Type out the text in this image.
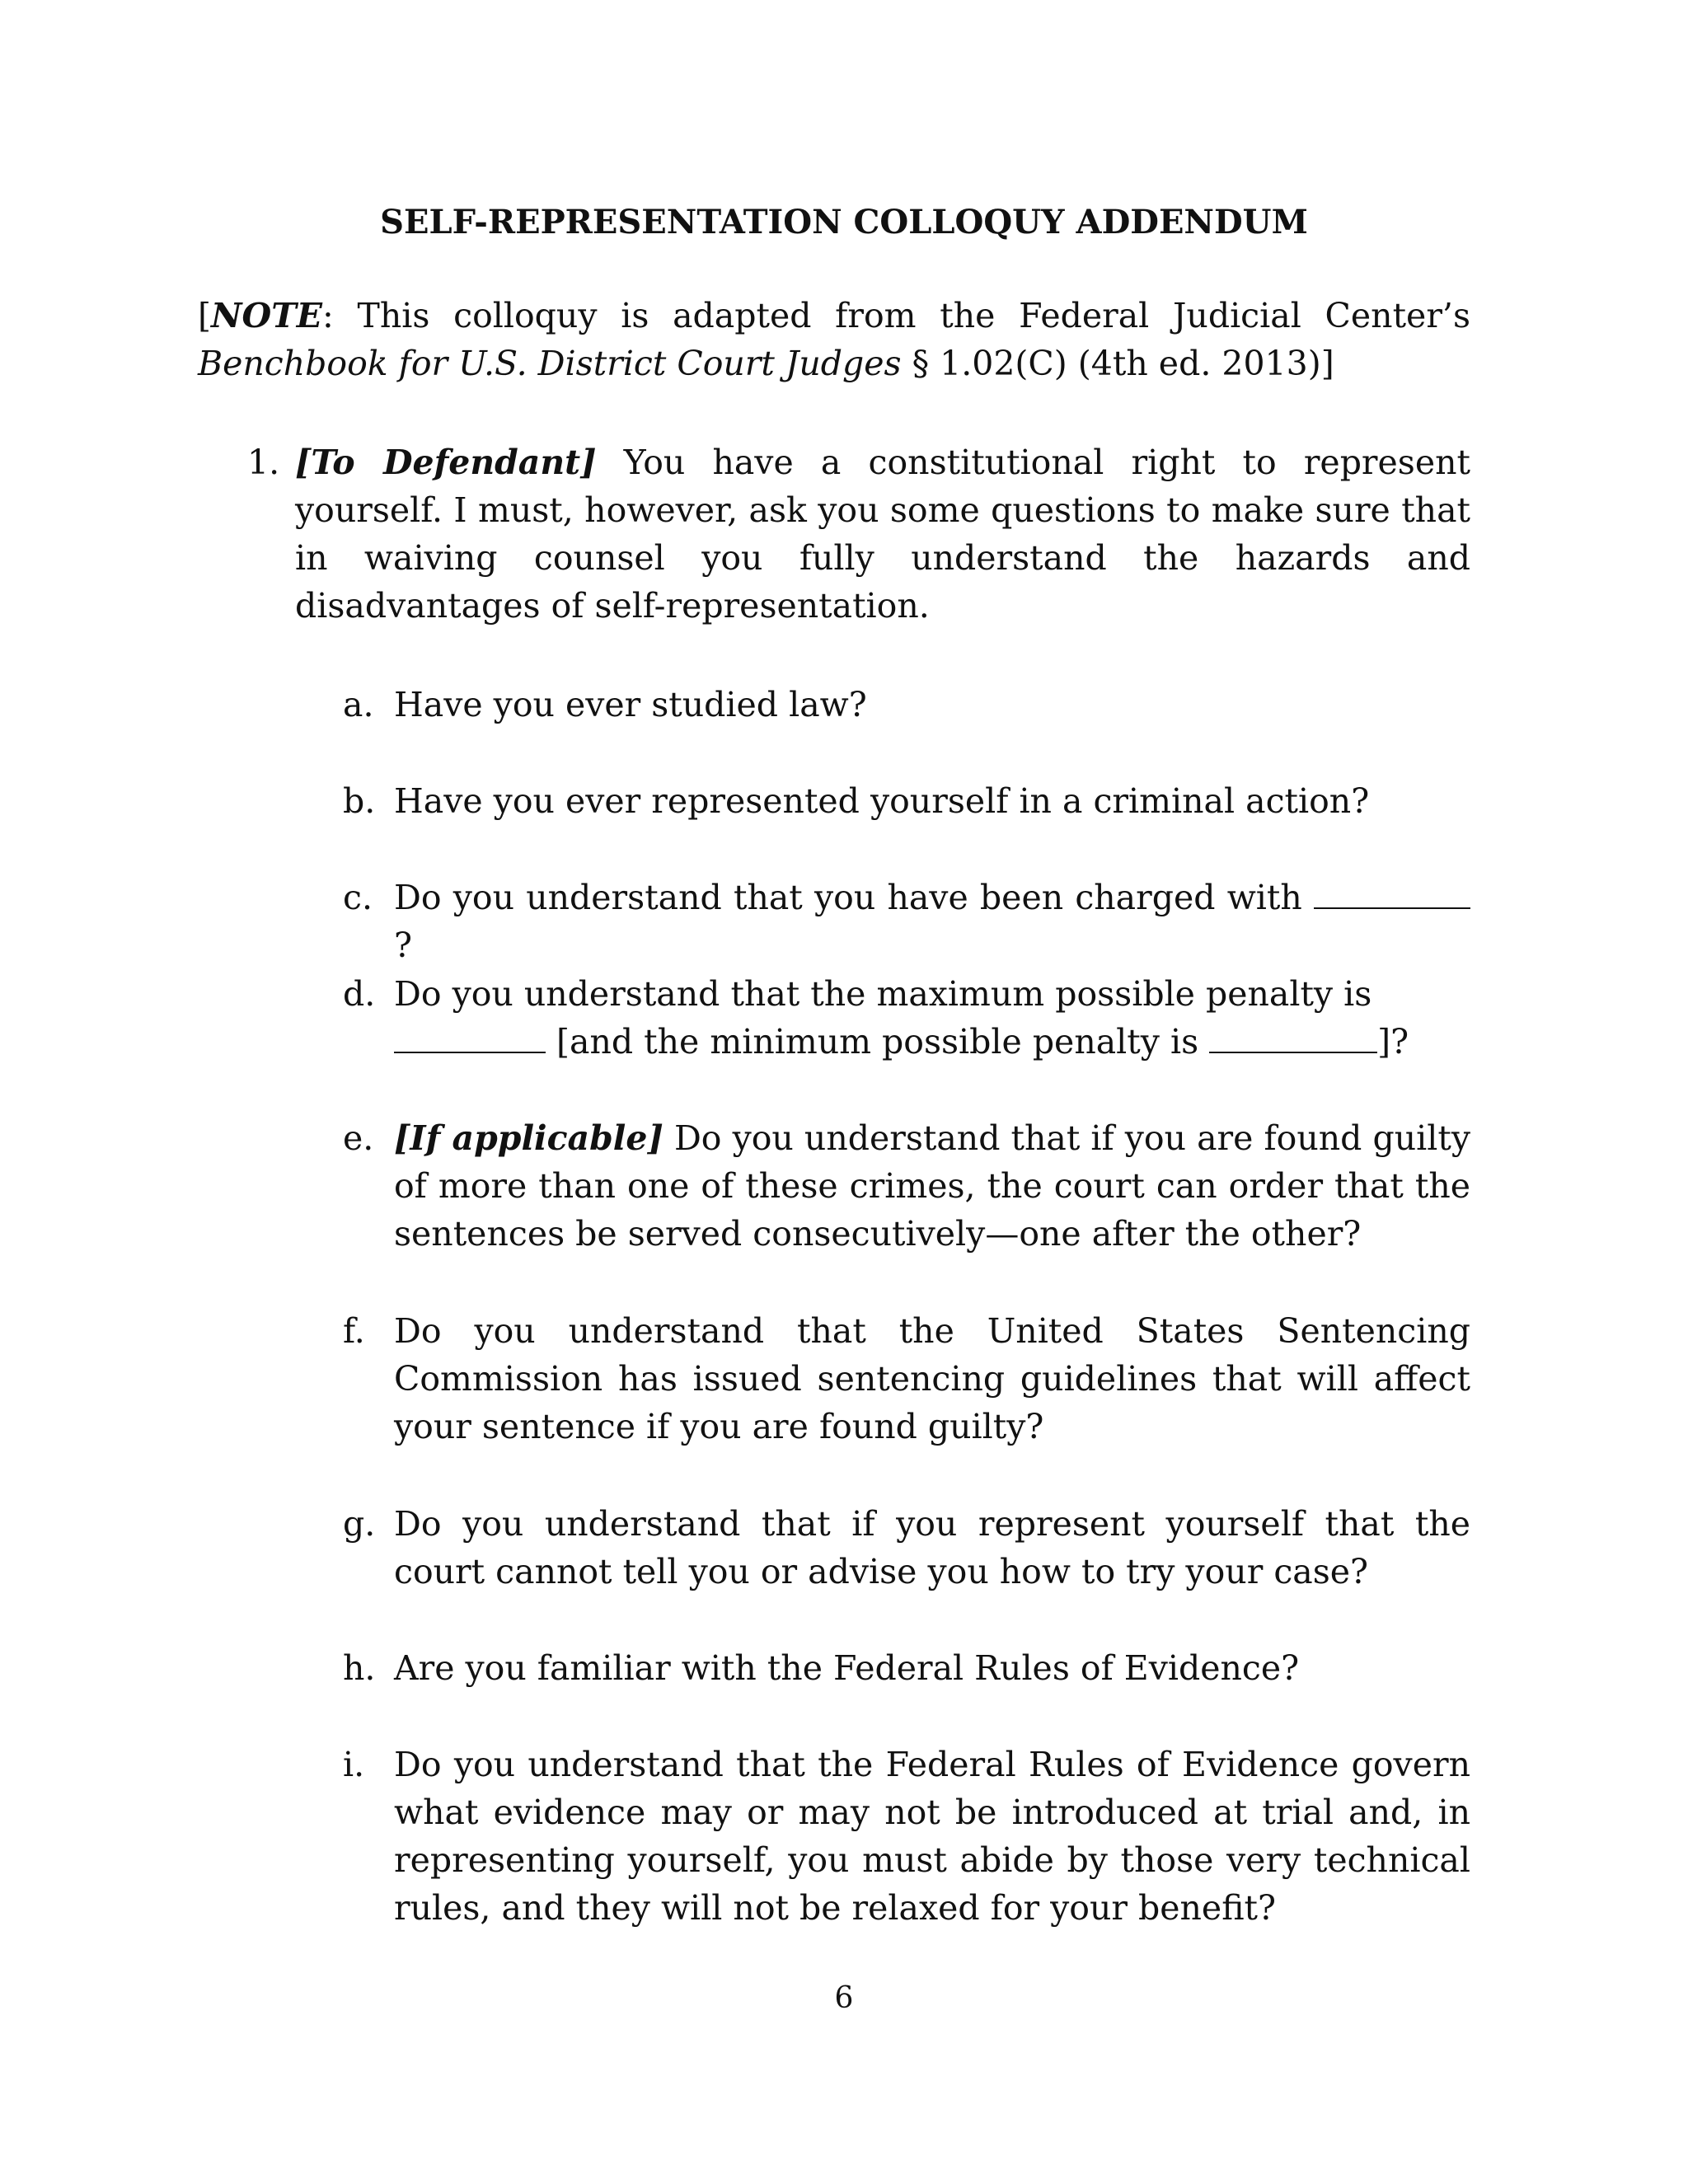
SELF-REPRESENTATION COLLOQUY ADDENDUM

[NOTE: This colloquy is adapted from the Federal Judicial Center’s Benchbook for U.S. District Court Judges § 1.02(C) (4th ed. 2013)]

1. [To Defendant] You have a constitutional right to represent yourself. I must, however, ask you some questions to make sure that in waiving counsel you fully understand the hazards and disadvantages of self-representation.
a. Have you ever studied law?
b. Have you ever represented yourself in a criminal action?
c. Do you understand that you have been charged with ?
d. Do you understand that the maximum possible penalty is  [and the minimum possible penalty is	]?
e. [If applicable] Do you understand that if you are found guilty of more than one of these crimes, the court can order that the sentences be served consecutively—one after the other?
f. Do you understand that the United States Sentencing Commission has issued sentencing guidelines that will affect your sentence if you are found guilty?
g. Do you understand that if you represent yourself that the court cannot tell you or advise you how to try your case?
h. Are you familiar with the Federal Rules of Evidence?
i. Do you understand that the Federal Rules of Evidence govern what evidence may or may not be introduced at trial and, in representing yourself, you must abide by those very technical rules, and they will not be relaxed for your benefit?

6
